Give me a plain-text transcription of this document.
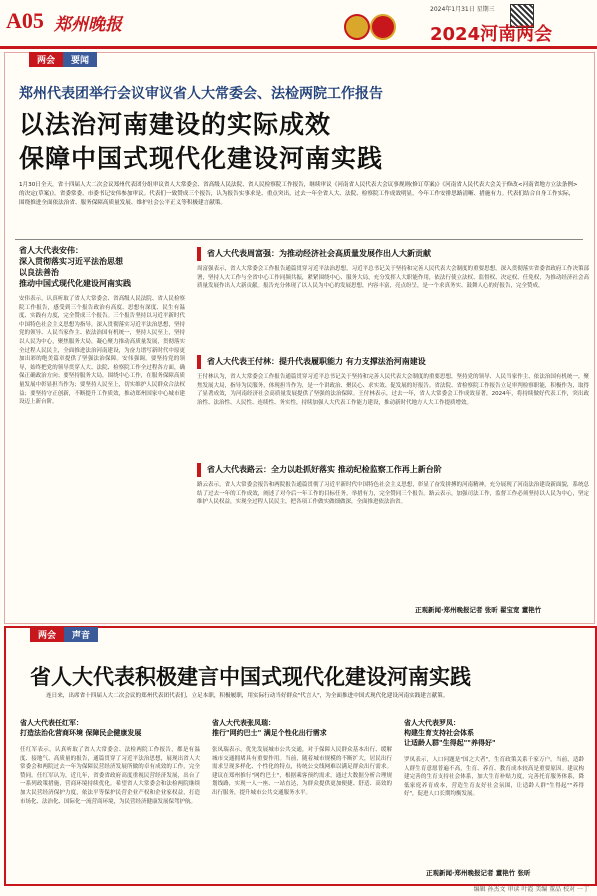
A05 郑州晚报
2024年1月31日 星期三
2024河南两会
两会	要闻
郑州代表团举行会议审议省人大常委会、法检两院工作报告
以法治河南建设的实际成效
保障中国式现代化建设河南实践
1月30日全天，省十四届人大二次会议郑州代表团分组审议省人大常委会、省高级人民法院、省人民检察院工作报告，继续审议《河南省人民代表大会议事规则(修订草案)》《河南省人民代表大会关于修改<河南省地方立法条例>的决定(草案)》。省委常委、市委书记安伟参加审议。代表们一致赞成三个报告，认为报告实事求是、重点突出，过去一年全省人大、法院、检察院工作成效明显，今年工作安排思路清晰、措施有力。代表们结合自身工作实际，围绕推进全面依法治省、服务保障高质量发展、维护社会公平正义等积极建言献策。
省人大代表安伟：
深入贯彻落实习近平法治思想
以良法善治
推动中国式现代化建设河南实践
安伟表示，认真听取了省人大常委会、省高级人民法院、省人民检察院工作报告，感受到三个报告政治有高度、思想有深度、民生有温度、实践有力度，完全赞成三个报告。三个报告坚持以习近平新时代中国特色社会主义思想为指导，深入贯彻落实习近平法治思想，坚持党的领导、人民当家作主、依法治国有机统一，坚持人民至上，坚持以人民为中心，聚焦服务大局，凝心聚力推动高质量发展，贯彻落实全过程人民民主，全面推进法治河南建设，为奋力谱写新时代中原更加出彩的绝美篇章提供了坚强法治保障。安伟强调，要坚持党的领导，始终把党的领导贯穿人大、法院、检察院工作全过程各方面，确保正确政治方向；要坚持服务大局，围绕中心工作，在服务保障高质量发展中彰显担当作为；要坚持人民至上，切实维护人民群众合法权益；要坚持守正创新，不断提升工作质效，推动郑州国家中心城市建设迈上新台阶。
省人大代表周富强：为推动经济社会高质量发展作出人大新贡献
周富强表示，省人大常委会工作报告通篇贯穿习近平法治思想，习近平总书记关于坚持和完善人民代表大会制度的重要思想，深入贯彻落实省委省政府工作决策部署，坚持人大工作与全省中心工作同频共振，紧紧围绕中心、服务大局，充分发挥人大职能作用，依法行使立法权、监督权、决定权、任免权，为推动经济社会高质量发展作出人大新贡献。报告充分体现了以人民为中心的发展思想，内容丰富，亮点纷呈，是一个求真务实、鼓舞人心的好报告，完全赞成。
省人大代表王付林：提升代表履职能力 有力支撑法治河南建设
王付林认为，省人大常委会工作报告通篇贯穿习近平总书记关于坚持和完善人民代表大会制度的重要思想，坚持党的领导、人民当家作主、依法治国有机统一，聚焦发展大局，指导为民服务，体现担当作为，是一个讲政治、聚民心、求实效、促发展的好报告。省法院、省检察院工作报告立足审判检察职能，积极作为，取得了显著成效，为河南经济社会高质量发展提供了坚强的法治保障。王付林表示，过去一年，省人大常委会工作成效显著，2024年，将持续做好代表工作，突出政治性、法治性、人民性、连续性、务实性，持续加强人大代表工作能力建设，推动新时代地方人大工作提质增效。
省人大代表路云：全力以赴抓好落实 推动纪检监察工作再上新台阶
路云表示，省人大常委会报告和两院报告通篇贯彻了习近平新时代中国特色社会主义思想，彰显了奋发拼搏的河南精神，充分展现了河南法治建设新面貌，系统总结了过去一年的工作成效，阐述了对今后一年工作的目标任务，举措有力，完全赞同三个报告。路云表示，加强司法工作，监督工作必须坚持以人民为中心，坚定维护人民权益，实现全过程人民民主，把各项工作做实做细做深，全面推进依法治省。
正观新闻·郑州晚报记者 张昕 翟宝宽 董艳竹
两会	声音
省人大代表积极建言中国式现代化建设河南实践
连日来，出席省十四届人大二次会议的郑州代表团代表们，立足本职，积极履职，用实际行动当好群众"代言人"，为全面推进中国式现代化建设河南实践建言献策。
省人大代表任红军：
打造法治化营商环境 保障民企健康发展
任红军表示，认真听取了省人大常委会、法检两院工作报告，都是有温度、接地气、高质量的报告，通篇贯穿了习近平法治思想，展现出省人大常委会和两院过去一年为保障民营经济发展所做的卓有成效的工作，完全赞同。任红军认为，近几年，省委省政府高度重视民营经济发展，出台了一系列政策措施，营商环境持续优化。希望省人大常委会和法检两院继续加大民营经济保护力度，依法平等保护民营企业产权和企业家权益，打造市场化、法治化、国际化一流营商环境，为民营经济健康发展保驾护航。
省人大代表张凤瑞：
推行"网约巴士" 满足个性化出行需求
张凤瑞表示，优先发展城市公共交通，对于保障人民群众基本出行、缓解城市交通拥堵具有重要作用。当前，随着城市规模的不断扩大，居民出行需求呈现多样化、个性化的特点，传统公交线网难以满足群众出行需求。建议在郑州推行"网约巴士"，根据乘客预约需求，通过大数据分析合理规划线路，实现一人一座、一站直达，为群众提供更加便捷、舒适、高效的出行服务，提升城市公共交通服务水平。
省人大代表罗凤：
构建生育支持社会体系
让适龄人群"生得起""养得好"
罗凤表示，人口问题是"国之大者"，生育政策关系千家万户。当前，适龄人群生育意愿普遍不高，生育、养育、教育成本较高是重要原因。建议构建完善的生育支持社会体系，加大生育补贴力度，完善托育服务体系，降低家庭养育成本，营造生育友好社会氛围，让适龄人群"生得起""养得好"，促进人口长期均衡发展。
正观新闻·郑州晚报记者 董艳竹 张昕
编辑 孙杰文 审读 叶霞 美编 董品 校对 一丁
